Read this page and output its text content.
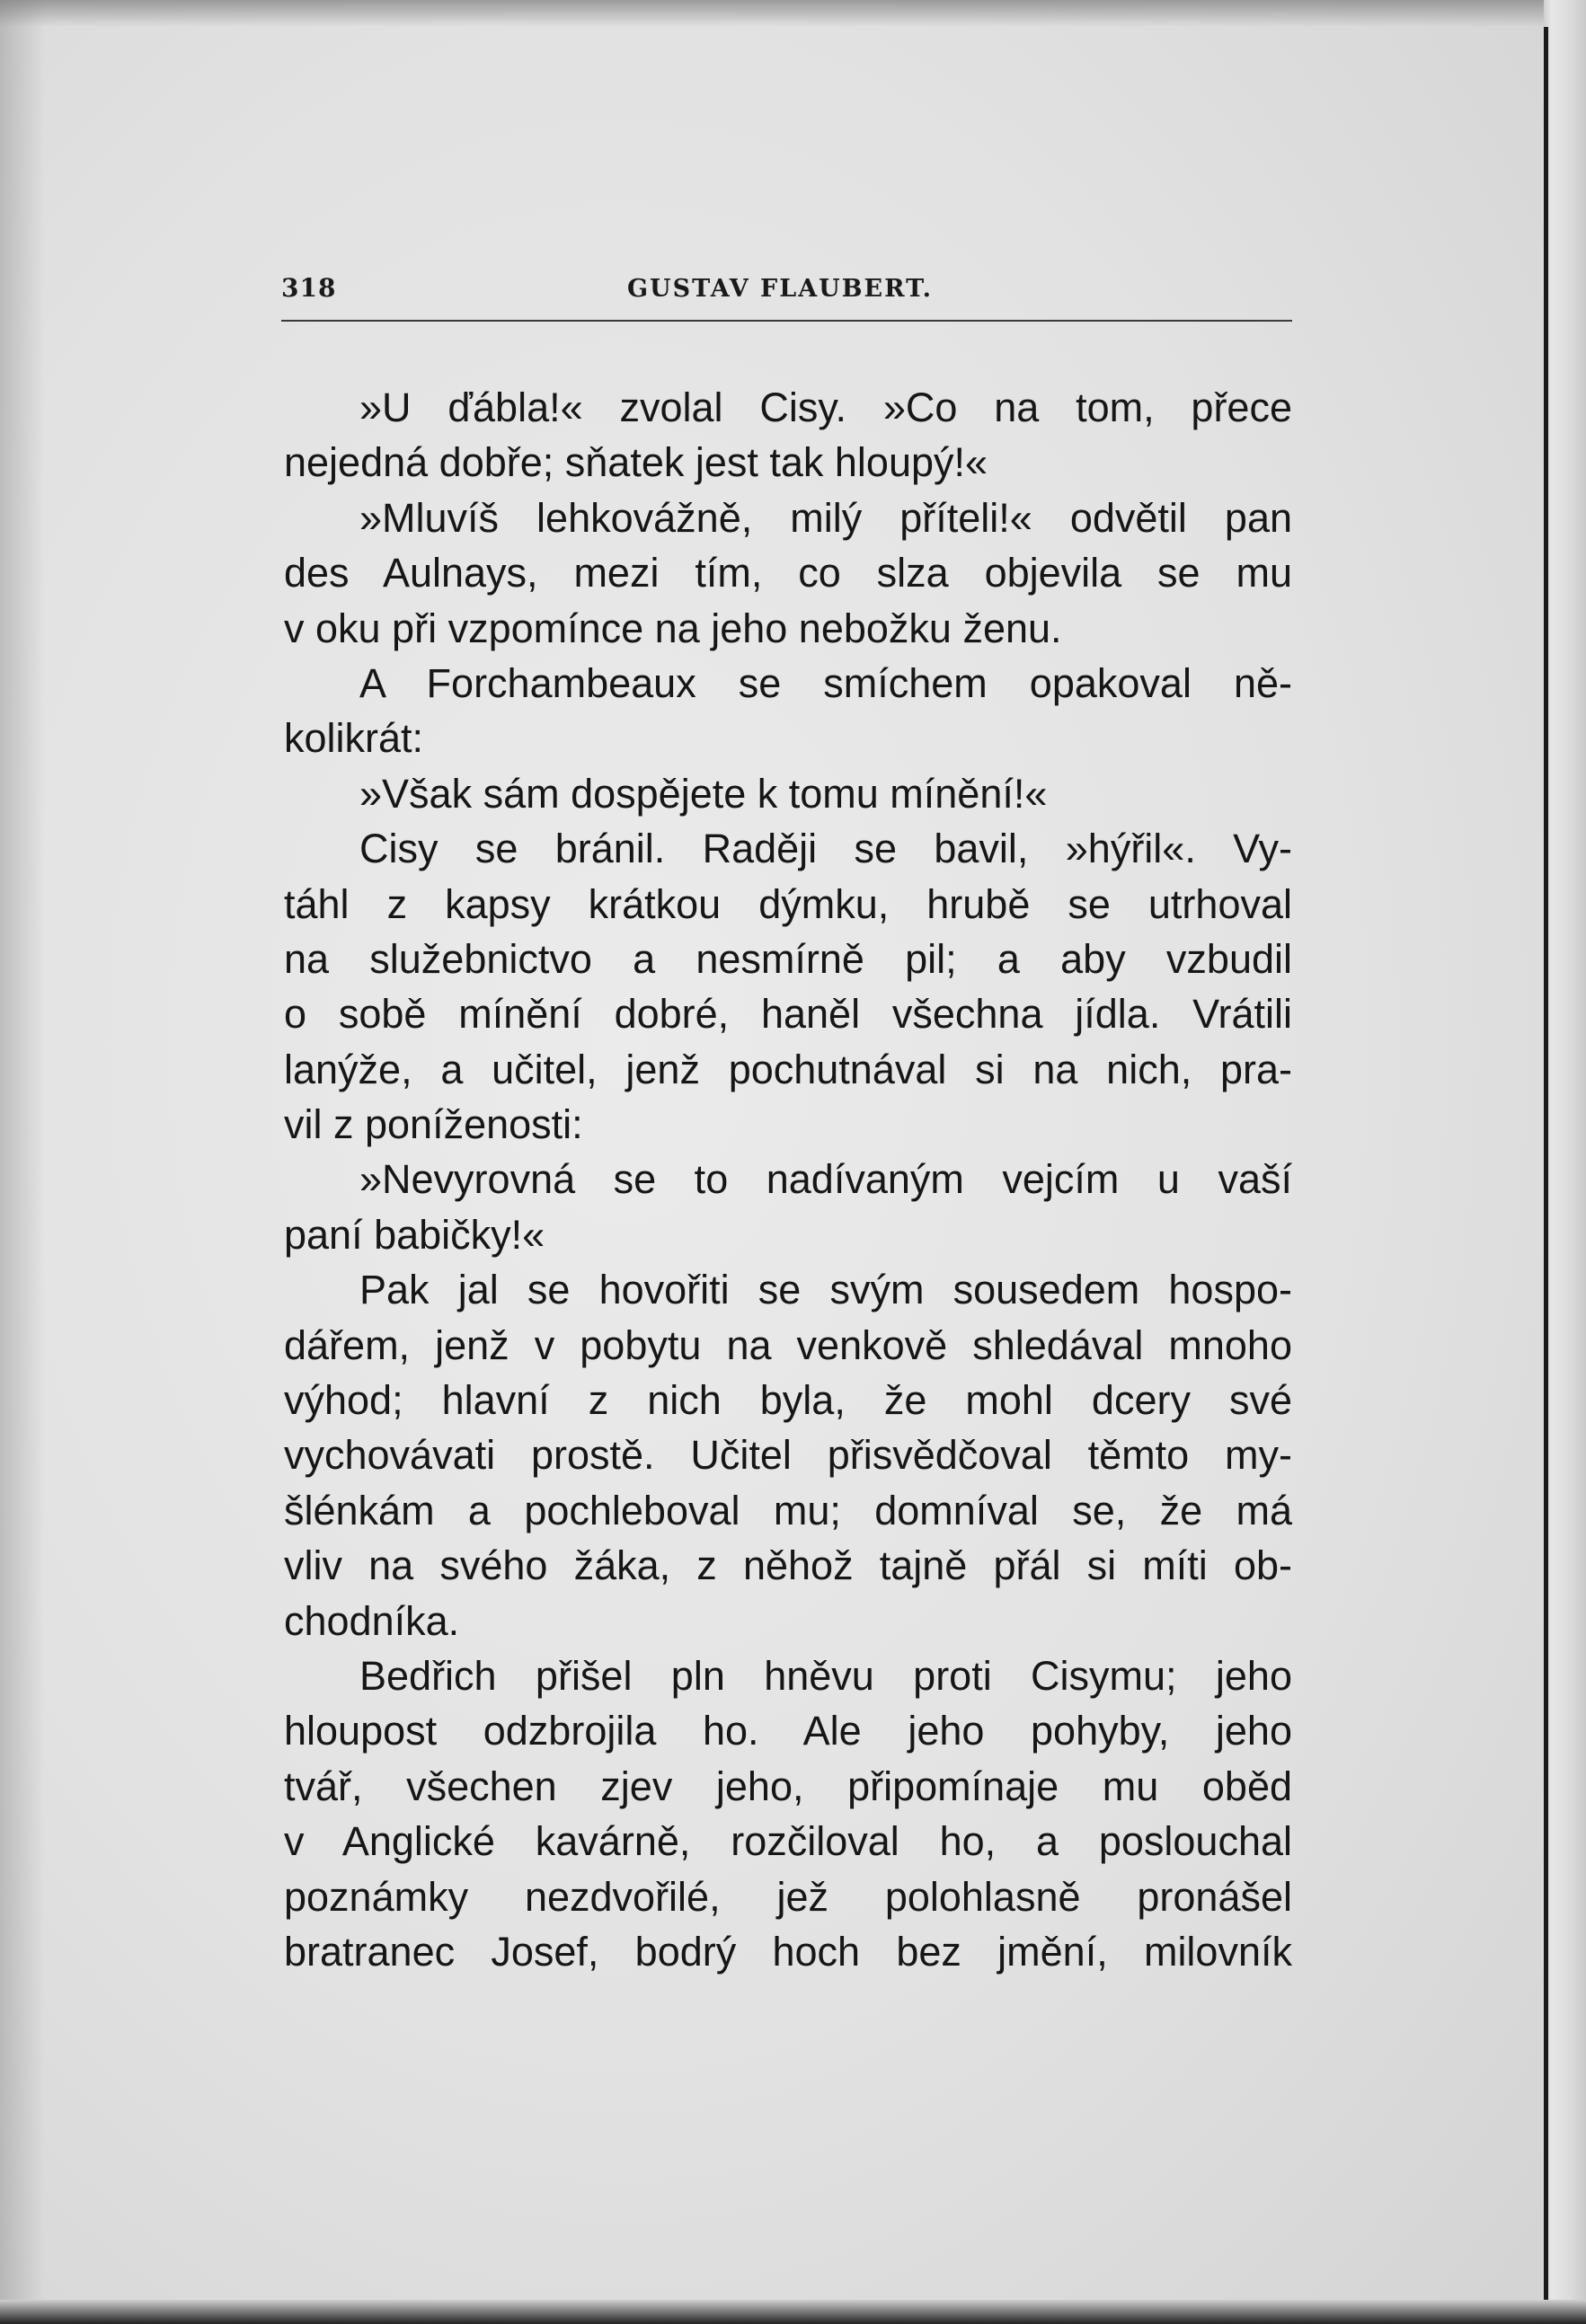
318	GUSTAV FLAUBERT.
»U ďábla!« zvolal Cisy. »Co na tom, přece
nejedná dobře; sňatek jest tak hloupý!«
»Mluvíš lehkovážně, milý příteli!« odvětil pan
des Aulnays, mezi tím, co slza objevila se mu
v oku při vzpomínce na jeho nebožku ženu.
A Forchambeaux se smíchem opakoval ně-
kolikrát:
»Však sám dospějete k tomu mínění!«
Cisy se bránil. Raději se bavil, »hýřil«. Vy-
táhl z kapsy krátkou dýmku, hrubě se utrhoval
na služebnictvo a nesmírně pil; a aby vzbudil
o sobě mínění dobré, haněl všechna jídla. Vrátili
lanýže, a učitel, jenž pochutnával si na nich, pra-
vil z poníženosti:
»Nevyrovná se to nadívaným vejcím u vaší
paní babičky!«
Pak jal se hovořiti se svým sousedem hospo-
dářem, jenž v pobytu na venkově shledával mnoho
výhod; hlavní z nich byla, že mohl dcery své
vychovávati prostě. Učitel přisvědčoval těmto my-
šlénkám a pochleboval mu; domníval se, že má
vliv na svého žáka, z něhož tajně přál si míti ob-
chodníka.
Bedřich přišel pln hněvu proti Cisymu; jeho
hloupost odzbrojila ho. Ale jeho pohyby, jeho
tvář, všechen zjev jeho, připomínaje mu oběd
v Anglické kavárně, rozčiloval ho, a poslouchal
poznámky nezdvořilé, jež polohlasně pronášel
bratranec Josef, bodrý hoch bez jmění, milovník
